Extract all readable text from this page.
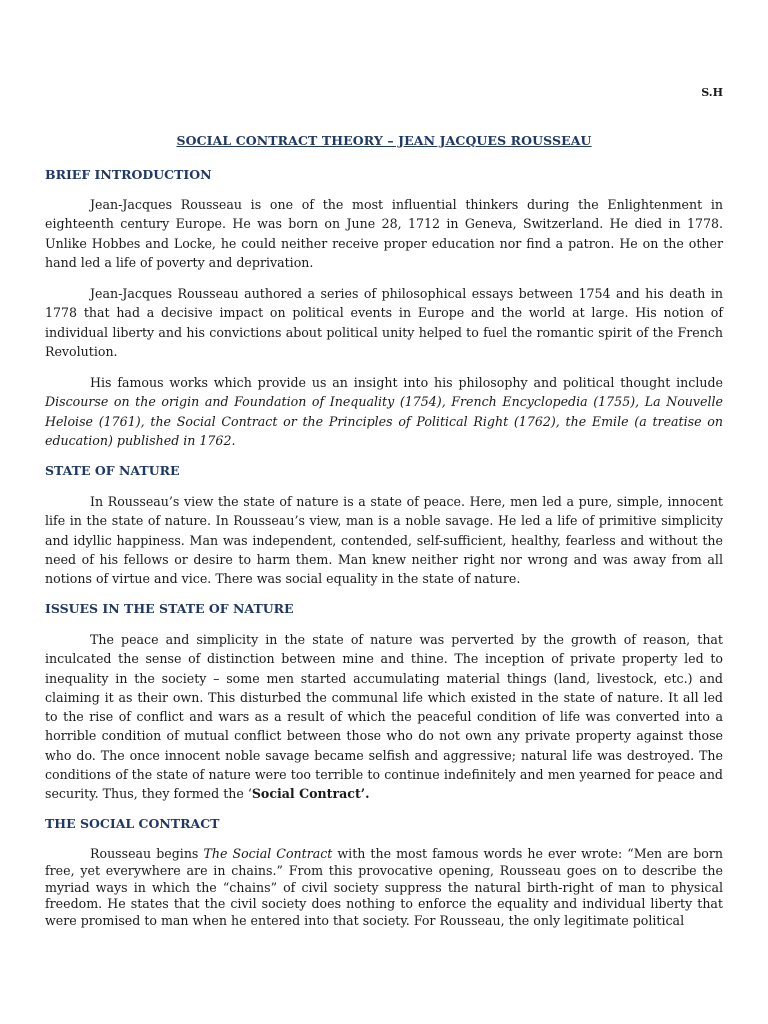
S.H
SOCIAL CONTRACT THEORY – JEAN JACQUES ROUSSEAU
BRIEF INTRODUCTION

Jean-Jacques Rousseau is one of the most influential thinkers during the Enlightenment in eighteenth century Europe. He was born on June 28, 1712 in Geneva, Switzerland. He died in 1778. Unlike Hobbes and Locke, he could neither receive proper education nor find a patron. He on the other hand led a life of poverty and deprivation.

Jean-Jacques Rousseau authored a series of philosophical essays between 1754 and his death in 1778 that had a decisive impact on political events in Europe and the world at large. His notion of individual liberty and his convictions about political unity helped to fuel the romantic spirit of the French Revolution.

His famous works which provide us an insight into his philosophy and political thought include Discourse on the origin and Foundation of Inequality (1754), French Encyclopedia (1755), La Nouvelle Heloise (1761), the Social Contract or the Principles of Political Right (1762), the Emile (a treatise on education) published in 1762.

STATE OF NATURE

In Rousseau’s view the state of nature is a state of peace. Here, men led a pure, simple, innocent life in the state of nature. In Rousseau’s view, man is a noble savage. He led a life of primitive simplicity and idyllic happiness. Man was independent, contended, self-sufficient, healthy, fearless and without the need of his fellows or desire to harm them. Man knew neither right nor wrong and was away from all notions of virtue and vice. There was social equality in the state of nature.

ISSUES IN THE STATE OF NATURE

The peace and simplicity in the state of nature was perverted by the growth of reason, that inculcated the sense of distinction between mine and thine. The inception of private property led to inequality in the society – some men started accumulating material things (land, livestock, etc.) and claiming it as their own. This disturbed the communal life which existed in the state of nature. It all led to the rise of conflict and wars as a result of which the peaceful condition of life was converted into a horrible condition of mutual conflict between those who do not own any private property against those who do. The once innocent noble savage became selfish and aggressive; natural life was destroyed. The conditions of the state of nature were too terrible to continue indefinitely and men yearned for peace and security. Thus, they formed the ‘Social Contract’.

THE SOCIAL CONTRACT

Rousseau begins The Social Contract with the most famous words he ever wrote: “Men are born free, yet everywhere are in chains.” From this provocative opening, Rousseau goes on to describe the myriad ways in which the “chains” of civil society suppress the natural birth-right of man to physical freedom. He states that the civil society does nothing to enforce the equality and individual liberty that were promised to man when he entered into that society. For Rousseau, the only legitimate political
